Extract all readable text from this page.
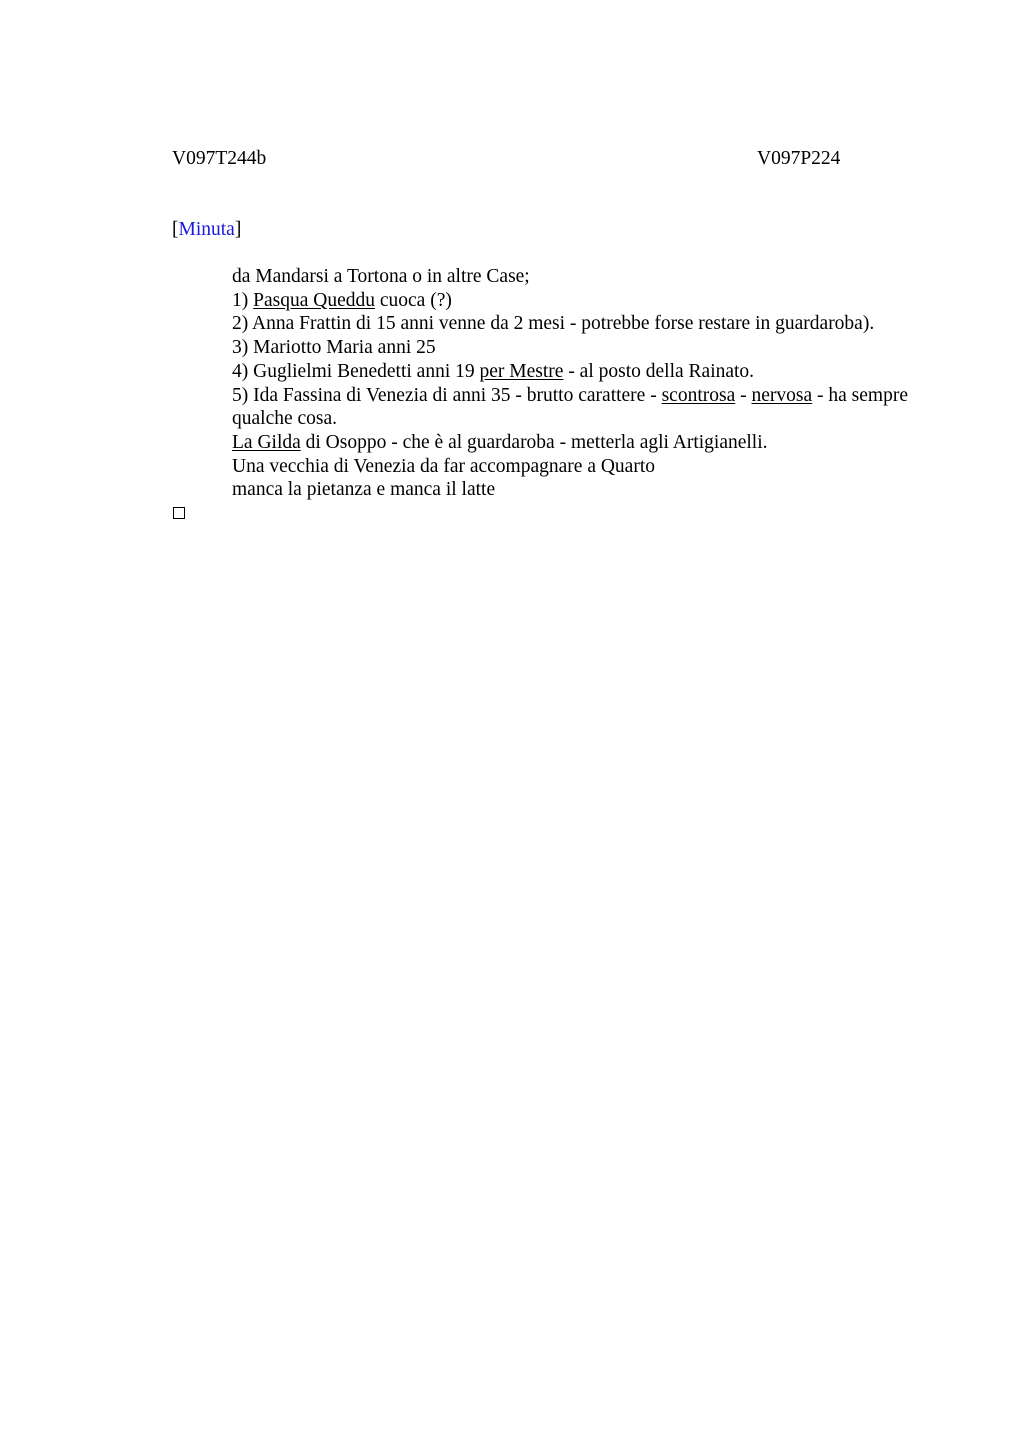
V097T244b	V097P224
[Minuta]
da Mandarsi a Tortona o in altre Case;
1) Pasqua Queddu cuoca (?)
2) Anna Frattin di 15 anni venne da 2 mesi - potrebbe forse restare in guardaroba).
3) Mariotto Maria anni 25
4) Guglielmi Benedetti anni 19 per Mestre - al posto della Rainato.
5) Ida Fassina di Venezia di anni 35 - brutto carattere - scontrosa - nervosa - ha sempre qualche cosa.
La Gilda di Osoppo - che è al guardaroba - metterla agli Artigianelli.
Una vecchia di Venezia da far accompagnare a Quarto
manca la pietanza e manca il latte
